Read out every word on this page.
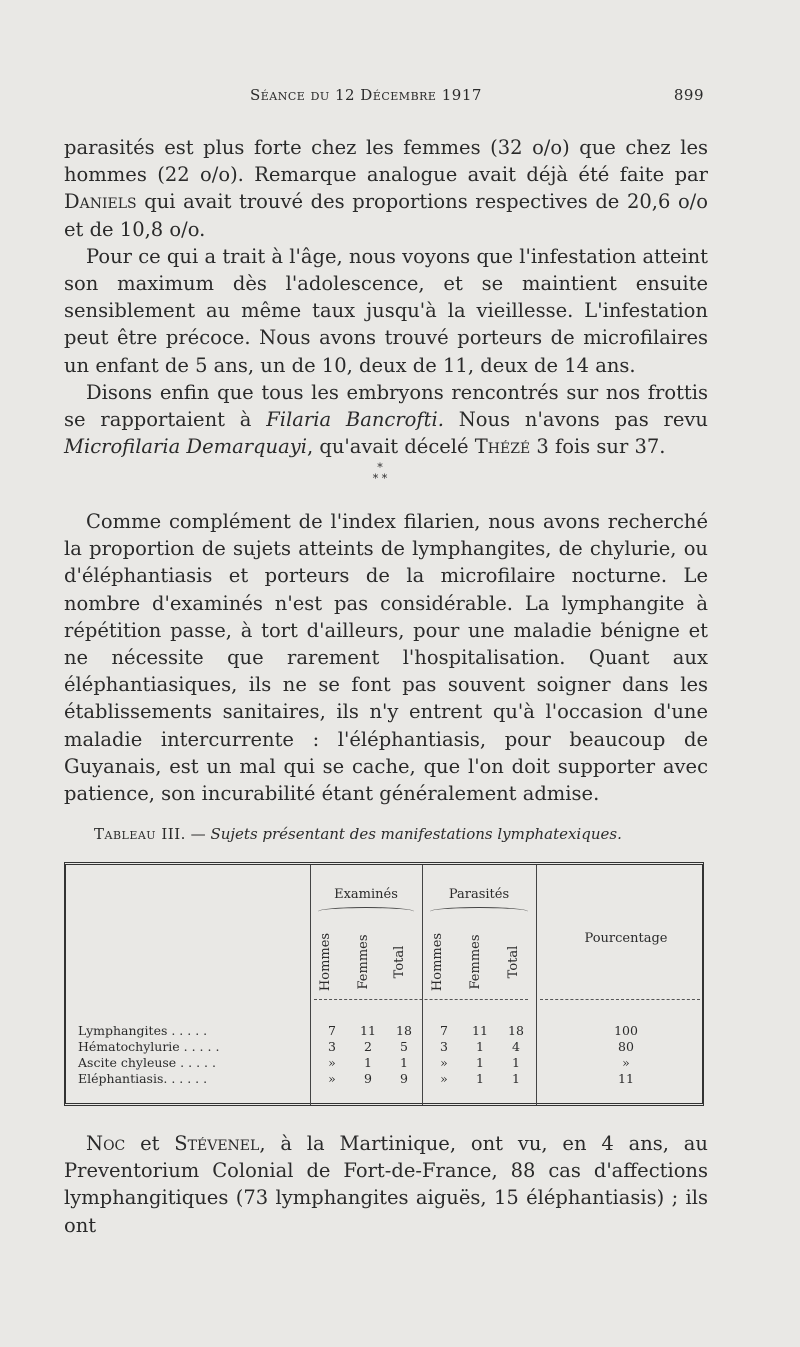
Séance du 12 Décembre 1917	899

parasités est plus forte chez les femmes (32 o/o) que chez les hommes (22 o/o). Remarque analogue avait déjà été faite par Daniels qui avait trouvé des proportions respectives de 20,6 o/o et de 10,8 o/o.

Pour ce qui a trait à l'âge, nous voyons que l'infestation atteint son maximum dès l'adolescence, et se maintient ensuite sensiblement au même taux jusqu'à la vieillesse. L'infestation peut être précoce. Nous avons trouvé porteurs de microfilaires un enfant de 5 ans, un de 10, deux de 11, deux de 14 ans.

Disons enfin que tous les embryons rencontrés sur nos frottis se rapportaient à Filaria Bancrofti. Nous n'avons pas revu Microfilaria Demarquayi, qu'avait décelé Thézé 3 fois sur 37.

*
* *

Comme complément de l'index filarien, nous avons recherché la proportion de sujets atteints de lymphangites, de chylurie, ou d'éléphantiasis et porteurs de la microfilaire nocturne. Le nombre d'examinés n'est pas considérable. La lymphangite à répétition passe, à tort d'ailleurs, pour une maladie bénigne et ne nécessite que rarement l'hospitalisation. Quant aux éléphantiasiques, ils ne se font pas souvent soigner dans les établissements sanitaires, ils n'y entrent qu'à l'occasion d'une maladie intercurrente : l'éléphantiasis, pour beaucoup de Guyanais, est un mal qui se cache, que l'on doit supporter avec patience, son incurabilité étant généralement admise.

Tableau III. — Sujets présentant des manifestations lymphatexiques.
Examinés	Parasités
Hommes	Femmes	Total	Hommes	Femmes	Total
Pourcentage
Lymphangites . . . . .	7	11	18	7	11	18	100
Hématochylurie . . . . .	3	2	5	3	1	4	80
Ascite chyleuse . . . . .	»	1	1	»	1	1	»
Eléphantiasis. . . . . .	»	9	9	»	1	1	11

Noc et Stévenel, à la Martinique, ont vu, en 4 ans, au Preventorium Colonial de Fort-de-France, 88 cas d'affections lymphangitiques (73 lymphangites aiguës, 15 éléphantiasis) ; ils ont
